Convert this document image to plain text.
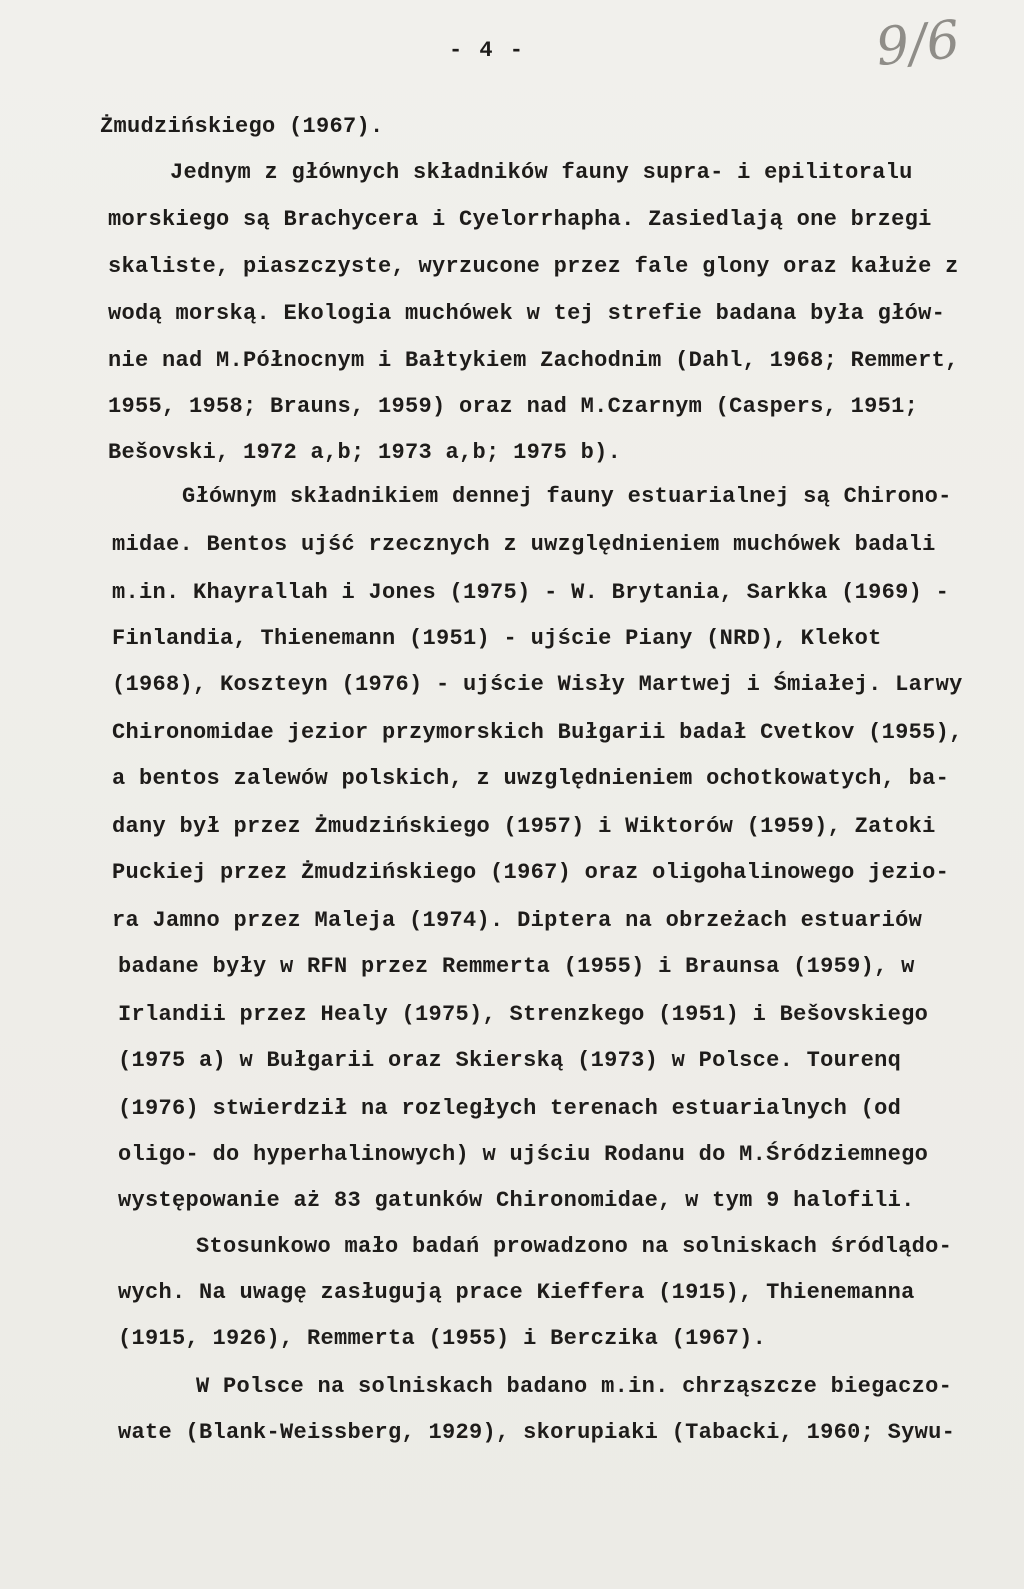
- 4 -	9/6
Żmudzińskiego (1967).
Jednym z głównych składników fauny supra- i epilitoralu
morskiego są Brachycera i Cyelorrhapha. Zasiedlają one brzegi
skaliste, piaszczyste, wyrzucone przez fale glony oraz kałuże z
wodą morską. Ekologia muchówek w tej strefie badana była głów-
nie nad M.Północnym i Bałtykiem Zachodnim (Dahl, 1968; Remmert,
1955, 1958; Brauns, 1959) oraz nad M.Czarnym (Caspers, 1951;
Bešovski, 1972 a,b; 1973 a,b; 1975 b).
Głównym składnikiem dennej fauny estuarialnej są Chirono-
midae. Bentos ujść rzecznych z uwzględnieniem muchówek badali
m.in. Khayrallah i Jones (1975) - W. Brytania, Sarkka (1969) -
Finlandia, Thienemann (1951) - ujście Piany (NRD), Klekot
(1968), Koszteyn (1976) - ujście Wisły Martwej i Śmiałej. Larwy
Chironomidae jezior przymorskich Bułgarii badał Cvetkov (1955),
a bentos zalewów polskich, z uwzględnieniem ochotkowatych, ba-
dany był przez Żmudzińskiego (1957) i Wiktorów (1959), Zatoki
Puckiej przez Żmudzińskiego (1967) oraz oligohalinowego jezio-
ra Jamno przez Maleja (1974). Diptera na obrzeżach estuariów
badane były w RFN przez Remmerta (1955) i Braunsa (1959), w
Irlandii przez Healy (1975), Strenzkego (1951) i Bešovskiego
(1975 a) w Bułgarii oraz Skierską (1973) w Polsce. Tourenq
(1976) stwierdził na rozległych terenach estuarialnych (od
oligo- do hyperhalinowych) w ujściu Rodanu do M.Śródziemnego
występowanie aż 83 gatunków Chironomidae, w tym 9 halofili.
Stosunkowo mało badań prowadzono na solniskach śródlądo-
wych. Na uwagę zasługują prace Kieffera (1915), Thienemanna
(1915, 1926), Remmerta (1955) i Berczika (1967).
W Polsce na solniskach badano m.in. chrząszcze biegaczo-
wate (Blank-Weissberg, 1929), skorupiaki (Tabacki, 1960; Sywu-
